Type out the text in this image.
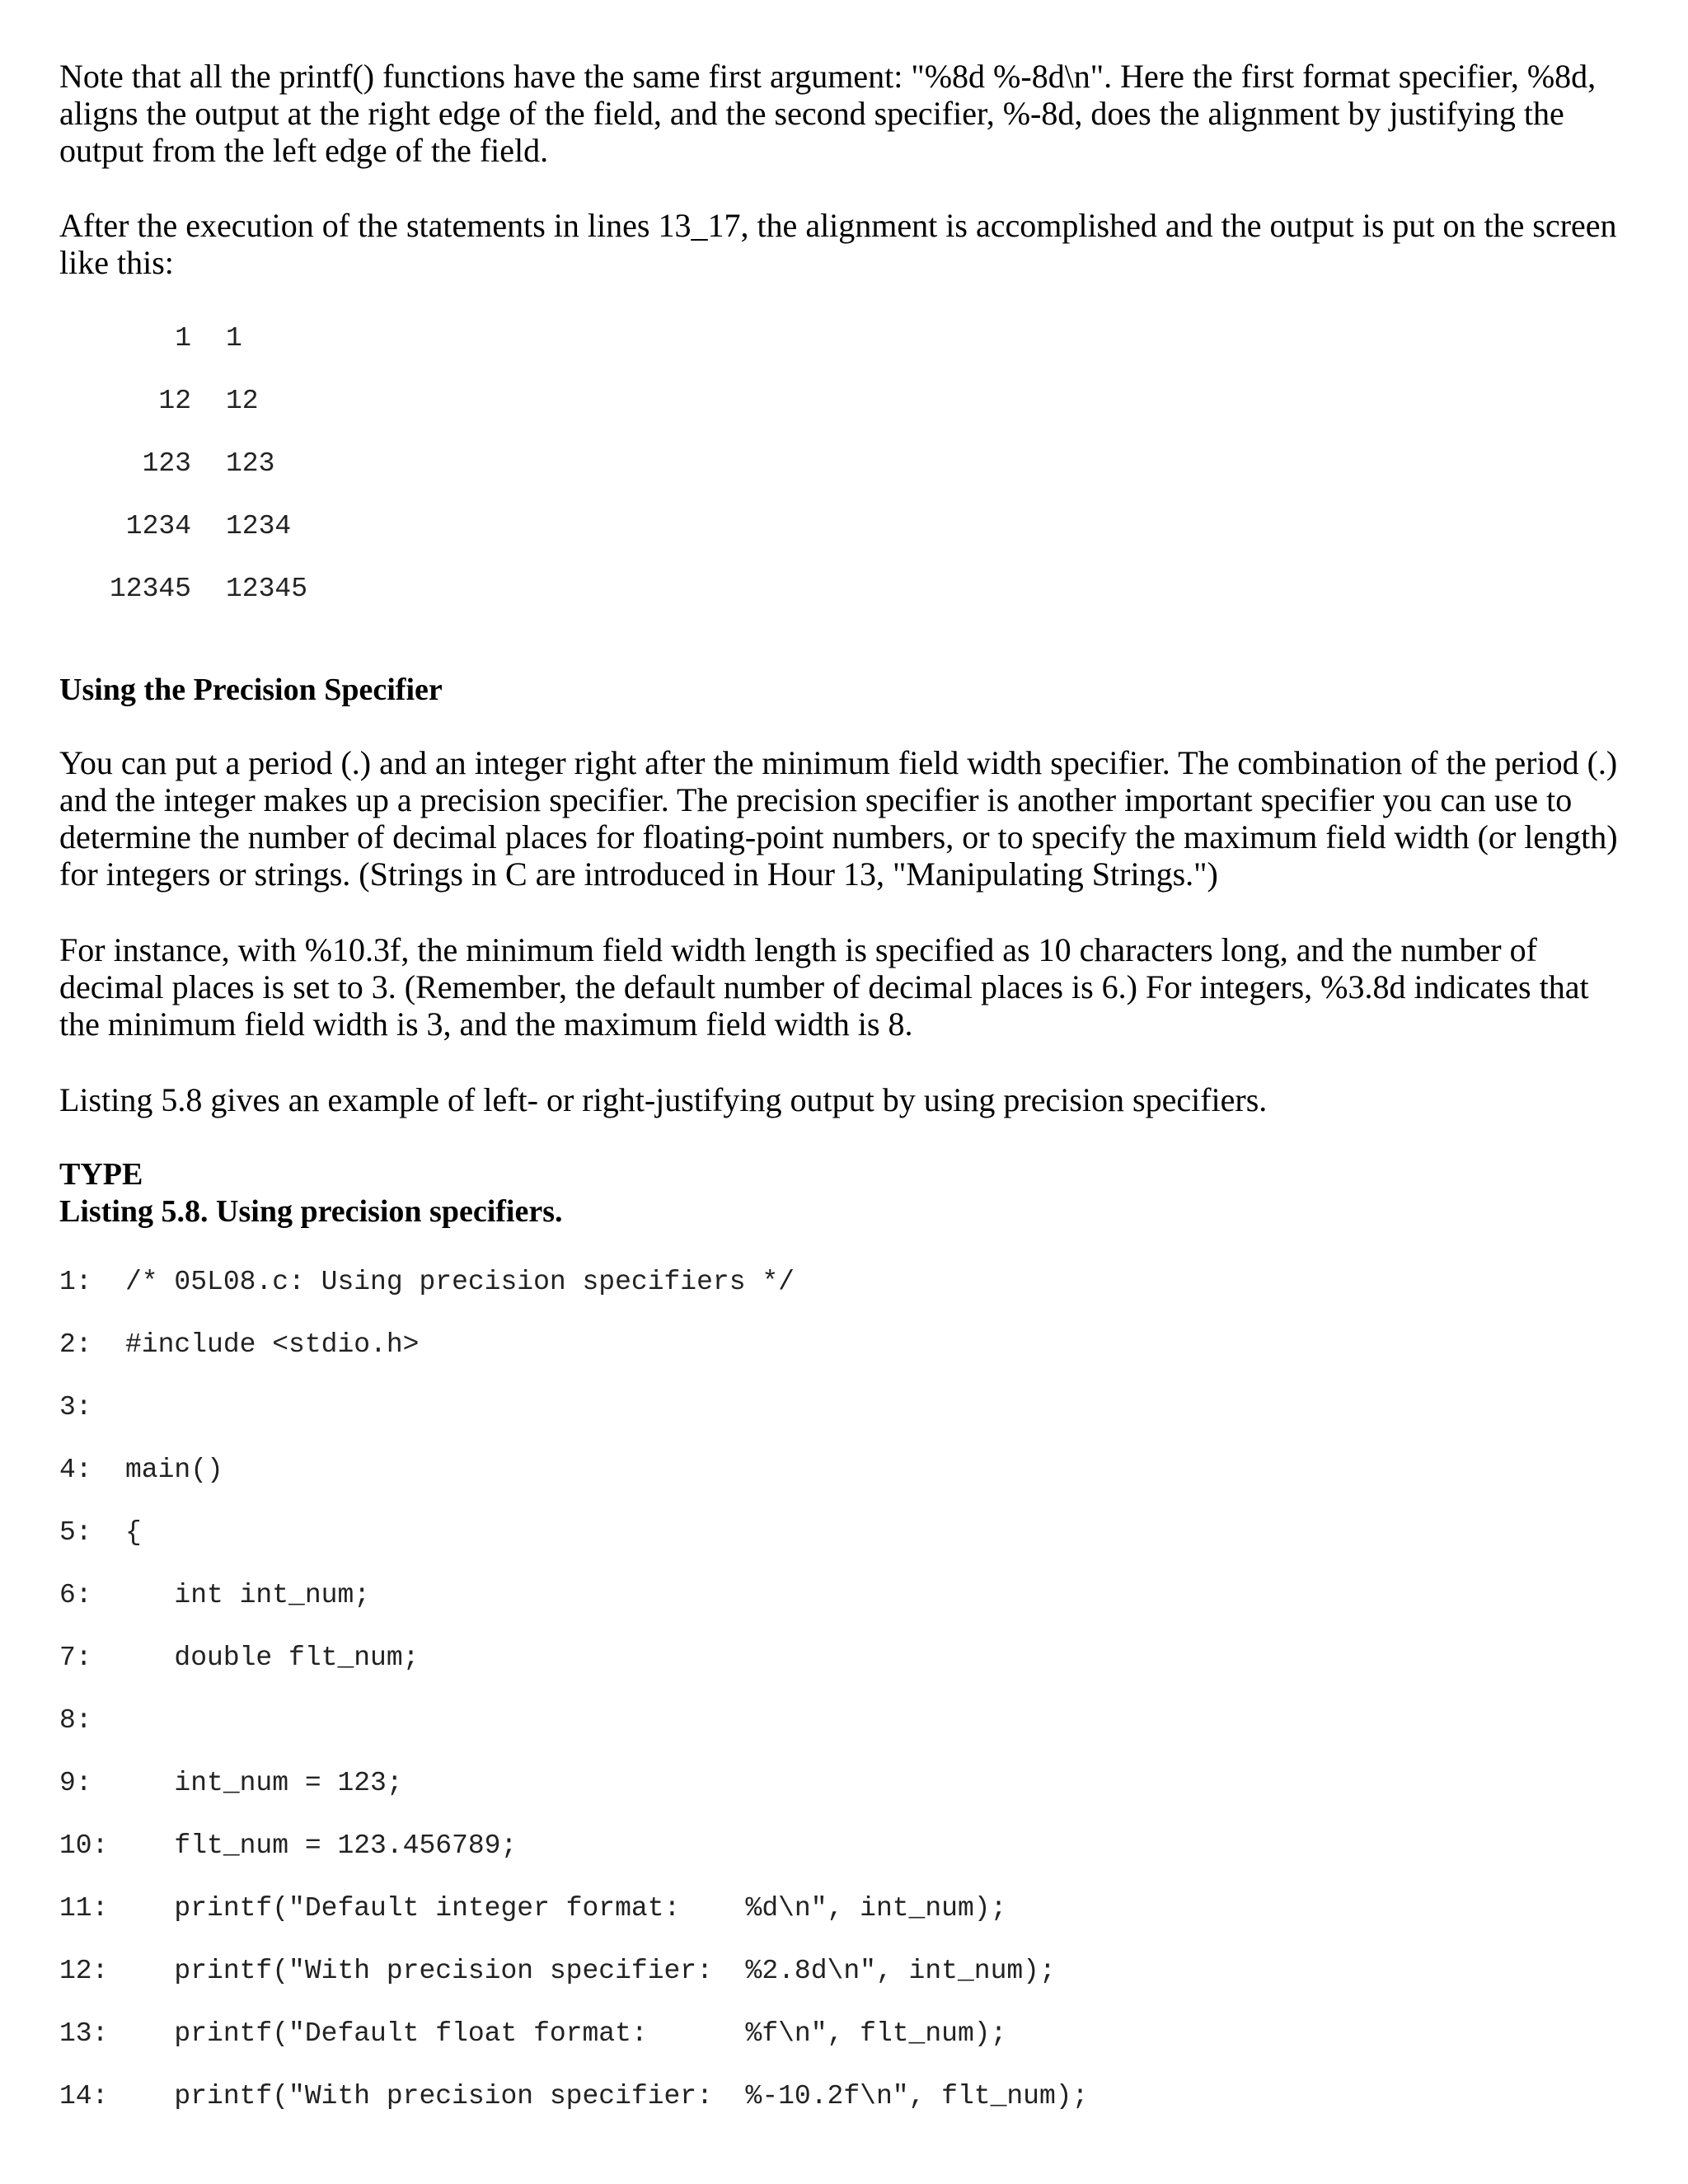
Note that all the printf() functions have the same first argument: "%8d %-8d\n". Here the first format specifier, %8d, aligns the output at the right edge of the field, and the second specifier, %-8d, does the alignment by justifying the output from the left edge of the field.

After the execution of the statements in lines 13_17, the alignment is accomplished and the output is put on the screen like this:

1 1
12 12
123 123
1234 1234
12345 12345
Using the Precision Specifier

You can put a period (.) and an integer right after the minimum field width specifier. The combination of the period (.) and the integer makes up a precision specifier. The precision specifier is another important specifier you can use to determine the number of decimal places for floating-point numbers, or to specify the maximum field width (or length) for integers or strings. (Strings in C are introduced in Hour 13, "Manipulating Strings.")

For instance, with %10.3f, the minimum field width length is specified as 10 characters long, and the number of decimal places is set to 3. (Remember, the default number of decimal places is 6.) For integers, %3.8d indicates that the minimum field width is 3, and the maximum field width is 8.

Listing 5.8 gives an example of left- or right-justifying output by using precision specifiers.

TYPE
Listing 5.8. Using precision specifiers.
1: /* 05L08.c: Using precision specifiers */
2: #include <stdio.h>
3:
4: main()
5: {
6:   int int_num;
7:   double flt_num;
8:
9:   int_num = 123;
10:   flt_num = 123.456789;
11:   printf("Default integer format:    %d\n", int_num);
12:   printf("With precision specifier:  %2.8d\n", int_num);
13:   printf("Default float format:      %f\n", flt_num);
14:   printf("With precision specifier:  %-10.2f\n", flt_num);
